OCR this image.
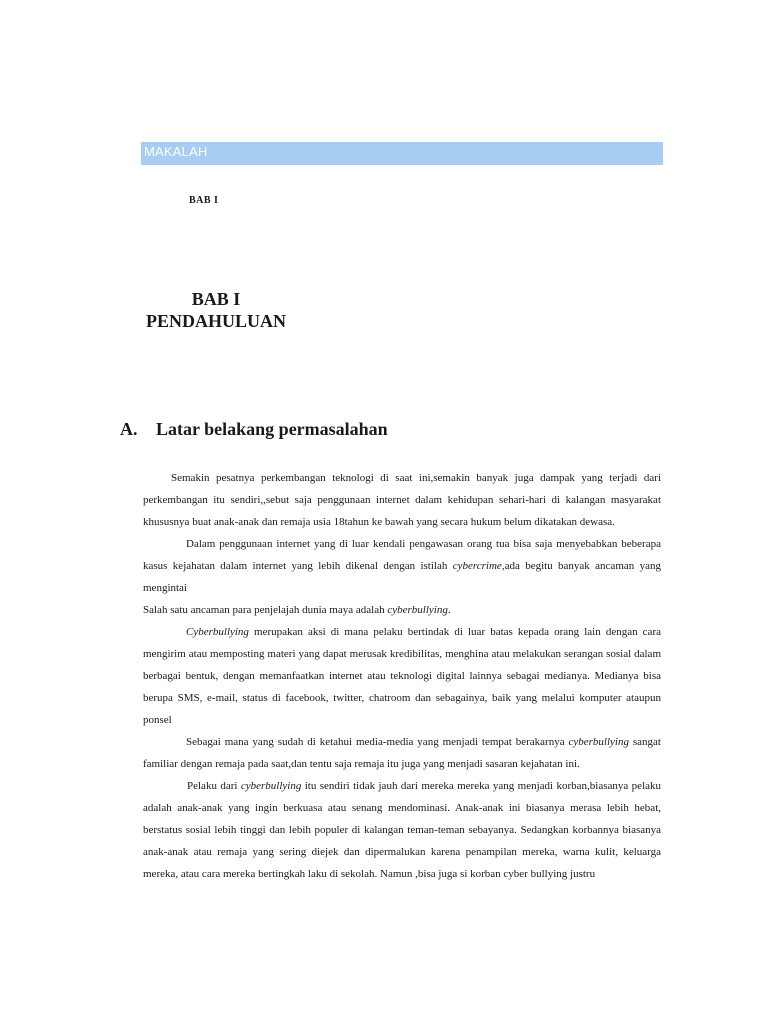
MAKALAH
BAB I
BAB I
PENDAHULUAN
A. Latar belakang permasalahan

Semakin pesatnya perkembangan teknologi di saat ini,semakin banyak juga dampak yang terjadi dari perkembangan itu sendiri,,sebut saja penggunaan internet dalam kehidupan sehari-hari di kalangan masyarakat khususnya buat anak-anak dan remaja usia 18tahun ke bawah yang secara hukum belum dikatakan dewasa.

Dalam penggunaan internet yang di luar kendali pengawasan orang tua bisa saja menyebabkan beberapa kasus kejahatan dalam internet yang lebih dikenal dengan istilah cybercrime,ada begitu banyak ancaman yang mengintai

Salah satu ancaman para penjelajah dunia maya adalah cyberbullying.

Cyberbullying merupakan aksi di mana pelaku bertindak di luar batas kepada orang lain dengan cara mengirim atau memposting materi yang dapat merusak kredibilitas, menghina atau melakukan serangan sosial dalam berbagai bentuk, dengan memanfaatkan internet atau teknologi digital lainnya sebagai medianya. Medianya bisa berupa SMS, e-mail, status di facebook, twitter, chatroom dan sebagainya, baik yang melalui komputer ataupun ponsel

Sebagai mana yang sudah di ketahui media-media yang menjadi tempat berakarnya cyberbullying sangat familiar dengan remaja pada saat,dan tentu saja remaja itu juga yang menjadi sasaran kejahatan ini.

Pelaku dari cyberbullying itu sendiri tidak jauh dari mereka mereka yang menjadi korban,biasanya pelaku adalah anak-anak yang ingin berkuasa atau senang mendominasi. Anak-anak ini biasanya merasa lebih hebat, berstatus sosial lebih tinggi dan lebih populer di kalangan teman-teman sebayanya. Sedangkan korbannya biasanya anak-anak atau remaja yang sering diejek dan dipermalukan karena penampilan mereka, warna kulit, keluarga mereka, atau cara mereka bertingkah laku di sekolah. Namun ,bisa juga si korban cyber bullying justru
